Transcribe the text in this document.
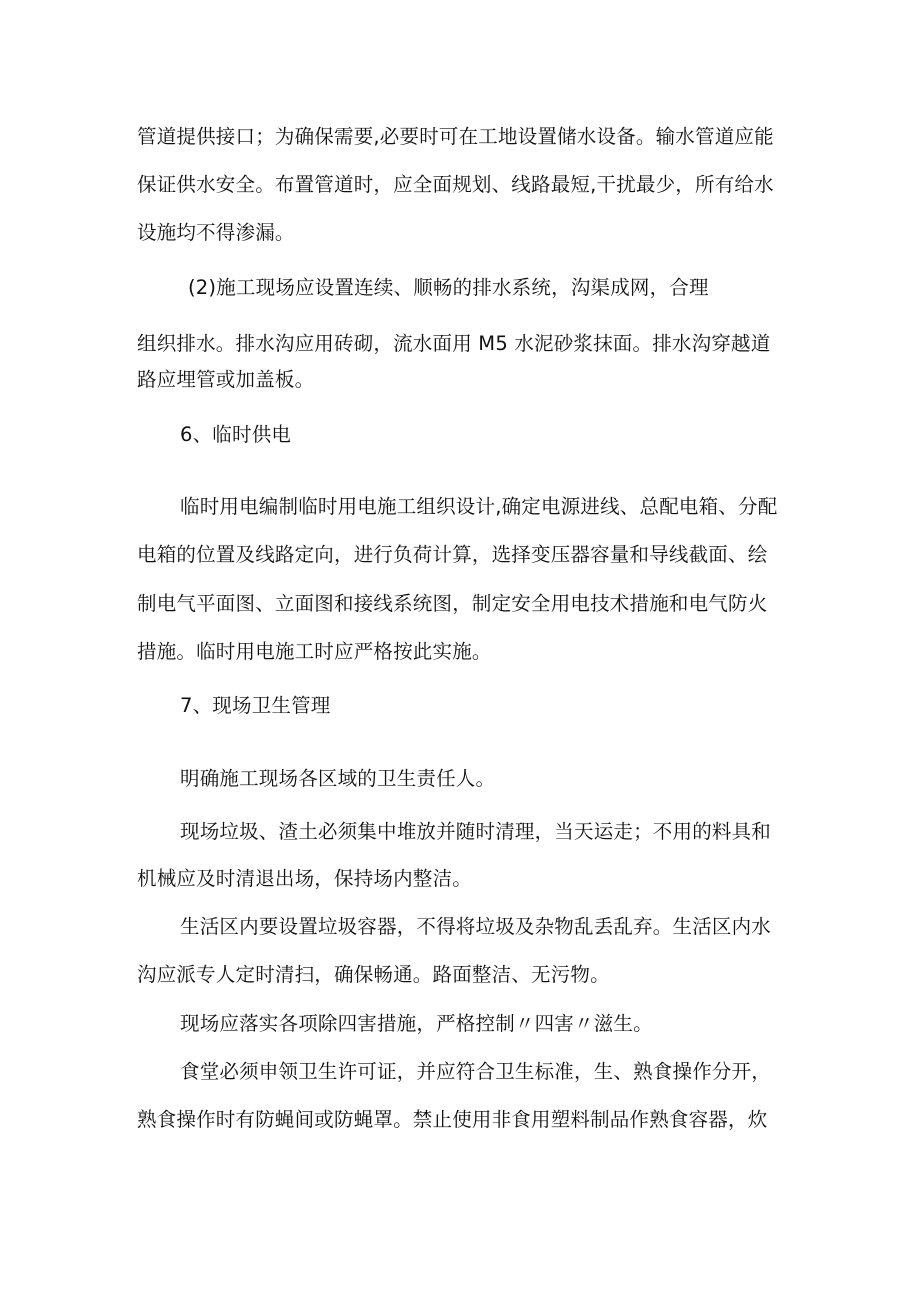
管道提供接口；为确保需要,必要时可在工地设置储水设备。输水管道应能
保证供水安全。布置管道时，应全面规划、线路最短,干扰最少，所有给水
设施均不得渗漏。
(2)施工现场应设置连续、顺畅的排水系统，沟渠成网，合理
组织排水。排水沟应用砖砌，流水面用 M5 水泥砂浆抹面。排水沟穿越道
路应埋管或加盖板。
6、临时供电
临时用电编制临时用电施工组织设计,确定电源进线、总配电箱、分配
电箱的位置及线路定向，进行负荷计算，选择变压器容量和导线截面、绘
制电气平面图、立面图和接线系统图，制定安全用电技术措施和电气防火
措施。临时用电施工时应严格按此实施。
7、现场卫生管理
明确施工现场各区域的卫生责任人。
现场垃圾、渣土必须集中堆放并随时清理，当天运走；不用的料具和
机械应及时清退出场，保持场内整洁。
生活区内要设置垃圾容器，不得将垃圾及杂物乱丢乱弃。生活区内水
沟应派专人定时清扫，确保畅通。路面整洁、无污物。
现场应落实各项除四害措施，严格控制〃四害〃滋生。
食堂必须申领卫生许可证，并应符合卫生标准，生、熟食操作分开，
熟食操作时有防蝇间或防蝇罩。禁止使用非食用塑料制品作熟食容器，炊
